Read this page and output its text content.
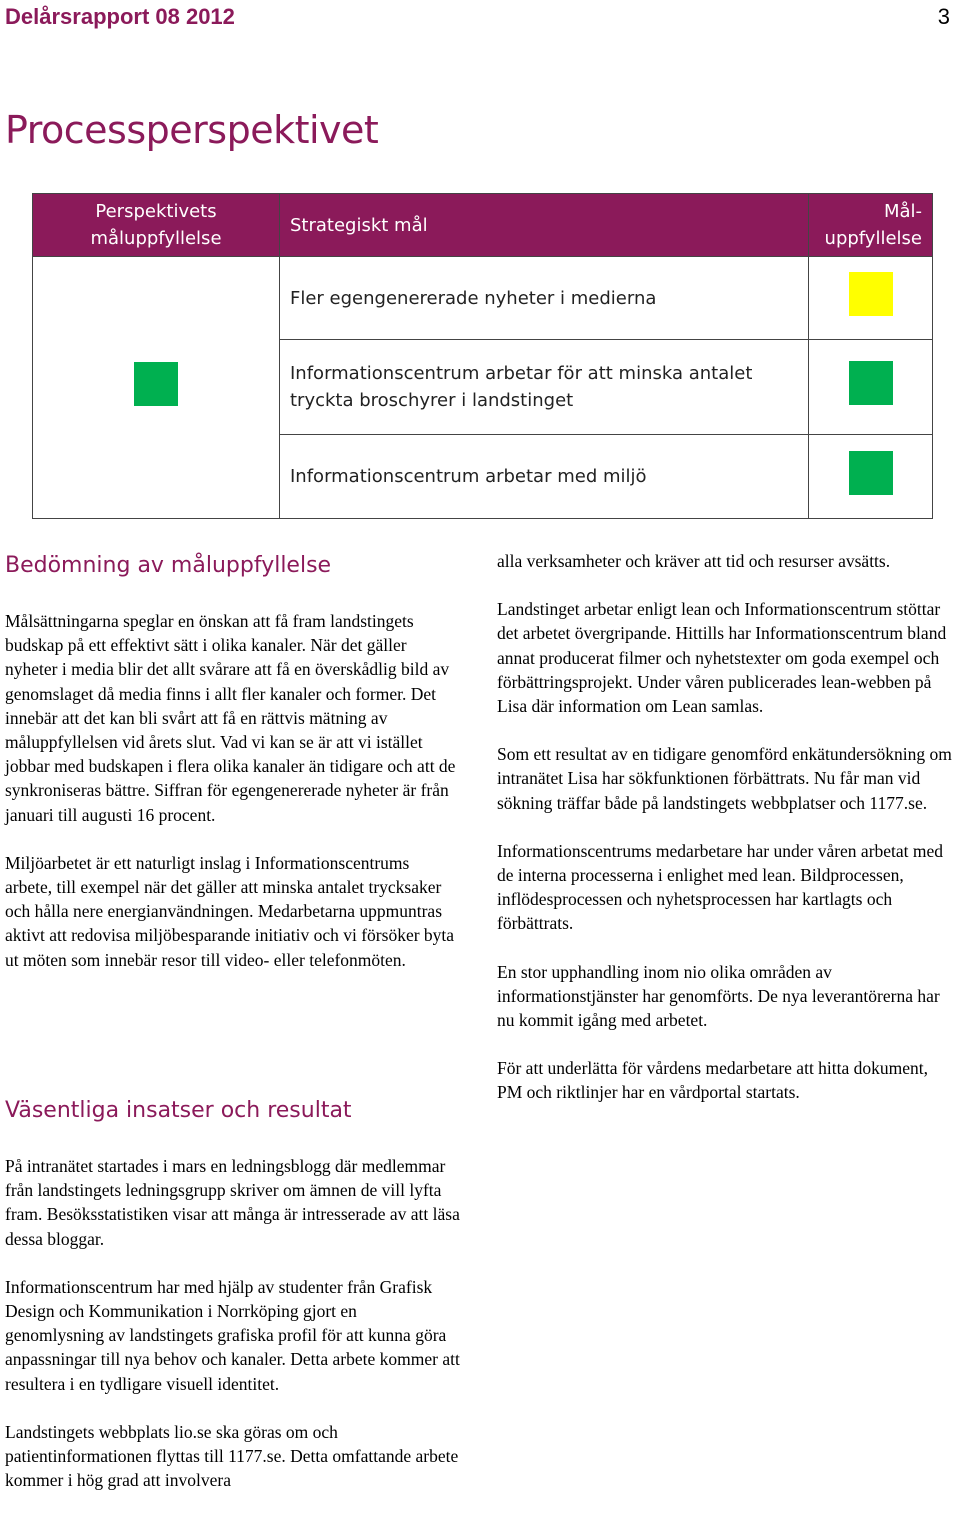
Delårsrapport 08 2012	3
Processperspektivet
Perspektivets måluppfyllelse	Strategiskt mål	Mål-uppfyllelse
	Fler egengenererade nyheter i medierna	
	Informationscentrum arbetar för att minska antalet tryckta broschyrer i landstinget	
	Informationscentrum arbetar med miljö	
Bedömning av måluppfyllelse

Målsättningarna speglar en önskan att få fram landstingets budskap på ett effektivt sätt i olika kanaler. När det gäller nyheter i media blir det allt svårare att få en överskådlig bild av genomslaget då media finns i allt fler kanaler och former. Det innebär att det kan bli svårt att få en rättvis mätning av måluppfyllelsen vid årets slut. Vad vi kan se är att vi istället jobbar med budskapen i flera olika kanaler än tidigare och att de synkroniseras bättre. Siffran för egengenererade nyheter är från januari till augusti 16 procent.

Miljöarbetet är ett naturligt inslag i Informationscentrums arbete, till exempel när det gäller att minska antalet trycksaker och hålla nere energianvändningen. Medarbetarna uppmuntras aktivt att redovisa miljöbesparande initiativ och vi försöker byta ut möten som innebär resor till video- eller telefonmöten.

Väsentliga insatser och resultat

På intranätet startades i mars en ledningsblogg där medlemmar från landstingets ledningsgrupp skriver om ämnen de vill lyfta fram. Besöksstatistiken visar att många är intresserade av att läsa dessa bloggar.

Informationscentrum har med hjälp av studenter från Grafisk Design och Kommunikation i Norrköping gjort en genomlysning av landstingets grafiska profil för att kunna göra anpassningar till nya behov och kanaler. Detta arbete kommer att resultera i en tydligare visuell identitet.

Landstingets webbplats lio.se ska göras om och patientinformationen flyttas till 1177.se. Detta omfattande arbete kommer i hög grad att involvera

alla verksamheter och kräver att tid och resurser avsätts.

Landstinget arbetar enligt lean och Informationscentrum stöttar det arbetet övergripande. Hittills har Informationscentrum bland annat producerat filmer och nyhetstexter om goda exempel och förbättringsprojekt. Under våren publicerades lean-webben på Lisa där information om Lean samlas.

Som ett resultat av en tidigare genomförd enkätundersökning om intranätet Lisa har sökfunktionen förbättrats. Nu får man vid sökning träffar både på landstingets webbplatser och 1177.se.

Informationscentrums medarbetare har under våren arbetat med de interna processerna i enlighet med lean. Bildprocessen, inflödesprocessen och nyhetsprocessen har kartlagts och förbättrats.

En stor upphandling inom nio olika områden av informationstjänster har genomförts. De nya leverantörerna har nu kommit igång med arbetet.

För att underlätta för vårdens medarbetare att hitta dokument, PM och riktlinjer har en vårdportal startats.
